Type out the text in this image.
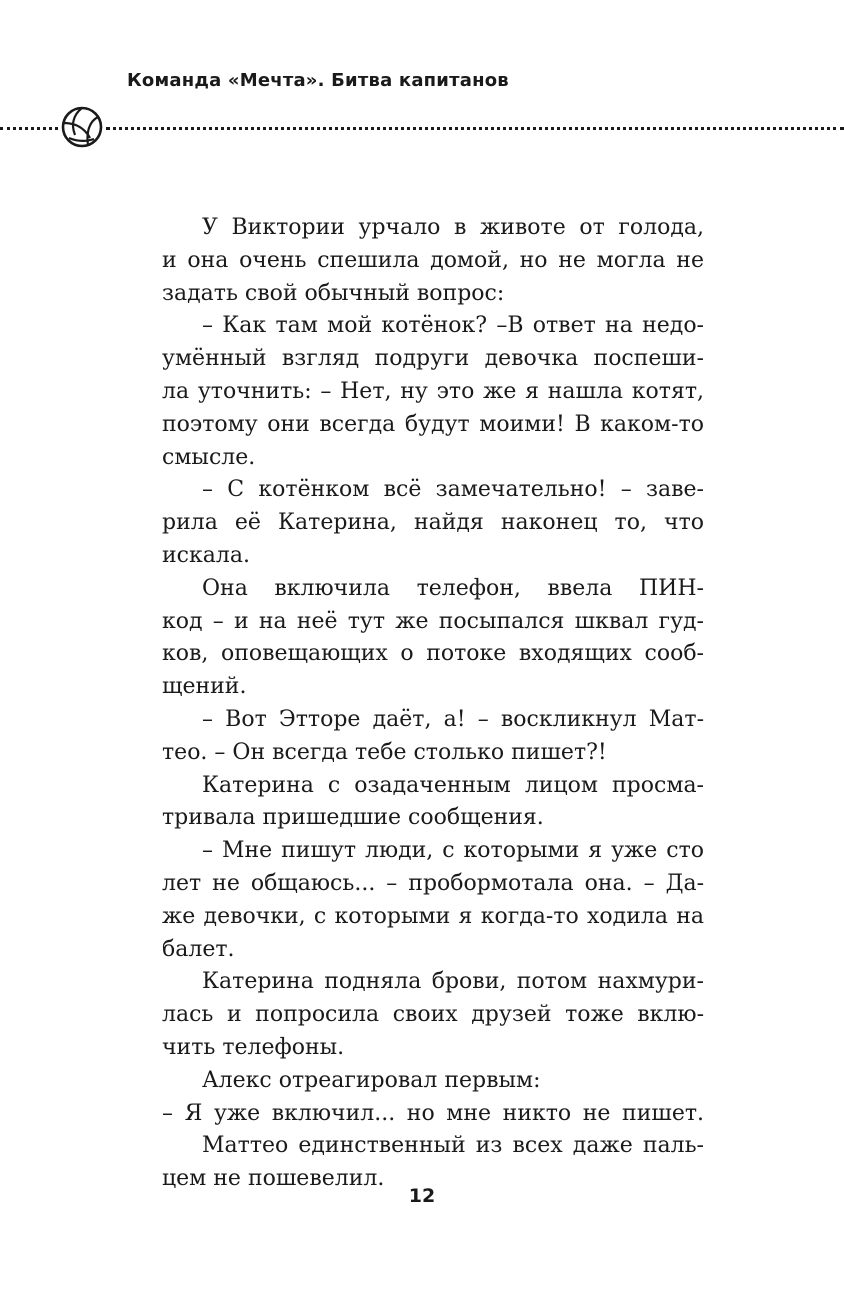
Команда «Мечта». Битва капитанов
У Виктории урчало в животе от голода,
и она очень спешила домой, но не могла не
задать свой обычный вопрос:
– Как там мой котёнок? –В ответ на недо-
умённый взгляд подруги девочка поспеши-
ла уточнить: – Нет, ну это же я нашла котят,
поэтому они всегда будут моими! В каком-то
смысле.
– С котёнком всё замечательно! – заве-
рила её Катерина, найдя наконец то, что
искала.
Она включила телефон, ввела ПИН-
код – и на неё тут же посыпался шквал гуд-
ков, оповещающих о потоке входящих сооб-
щений.
– Вот Этторе даёт, а! – воскликнул Мат-
тео. – Он всегда тебе столько пишет?!
Катерина с озадаченным лицом просма-
тривала пришедшие сообщения.
– Мне пишут люди, с которыми я уже сто
лет не общаюсь... – пробормотала она. – Да-
же девочки, с которыми я когда-то ходила на
балет.
Катерина подняла брови, потом нахмури-
лась и попросила своих друзей тоже вклю-
чить телефоны.
Алекс отреагировал первым:
– Я уже включил... но мне никто не пишет.
Маттео единственный из всех даже паль-
цем не пошевелил.
12
